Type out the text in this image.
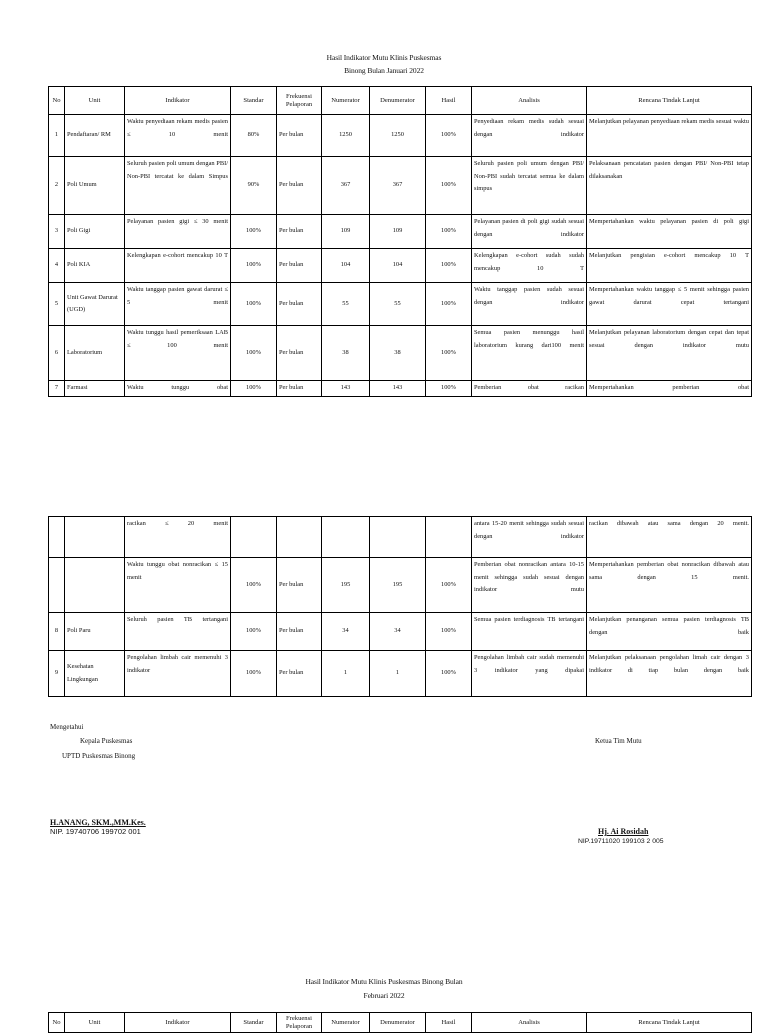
Hasil Indikator Mutu Klinis Puskesmas
Binong Bulan Januari 2022
No	Unit	Indikator	Standar	Frekuensi Pelaporan	Numerator	Denumerator	Hasil	Analisis	Rencana Tindak Lanjut
1	Pendaftaran/ RM	Waktu penyediaan rekam medis pasien ≤ 10 menit	80%	Per bulan	1250	1250	100%	Penyediaan rekam medis sudah sesuai dengan indikator	Melanjutkan pelayanan penyediaan rekam medis sesuai waktu
2	Poli Umum	Seluruh pasien poli umum dengan PBI/ Non-PBI tercatat ke dalam Simpus	90%	Per bulan	367	367	100%	Seluruh pasien poli umum dengan PBI/ Non-PBI sudah tercatat semua ke dalam simpus	Pelaksanaan pencatatan pasien dengan PBI/ Non-PBI tetap dilaksanakan
3	Poli Gigi	Pelayanan pasien gigi ≤ 30 menit	100%	Per bulan	109	109	100%	Pelayanan pasien di poli gigi sudah sesuai dengan indikator	Mempertahankan waktu pelayanan pasien di poli gigi
4	Poli KIA	Kelengkapan e-cohort mencakup 10 T	100%	Per bulan	104	104	100%	Kelengkapan e-cohort sudah sudah mencakup 10 T	Melanjutkan pengisian e-cohort mencakup 10 T
5	Unit Gawat Darurat (UGD)	Waktu tanggap pasien gawat darurat ≤ 5 menit	100%	Per bulan	55	55	100%	Waktu tanggap pasien sudah sesuai dengan indikator	Mempertahankan waktu tanggap ≤ 5 menit sehingga pasien gawat darurat cepat tertangani
6	Laboratorium	Waktu tunggu hasil pemeriksaan LAB ≤ 100 menit	100%	Per bulan	38	38	100%	Semua pasien menunggu hasil laboratorium kurang dari100 menit	Melanjutkan pelayanan laboratorium dengan cepat dan tepat sesuai dengan indikator mutu
7	Farmasi	Waktu tunggu obat	100%	Per bulan	143	143	100%	Pemberian obat racikan	Mempertahankan pemberian obat
		racikan ≤ 20 menit						antara 15-20 menit sehingga sudah sesuai dengan indikator	racikan dibawah atau sama dengan 20 menit.
		Waktu tunggu obat nonracikan ≤ 15 menit	100%	Per bulan	195	195	100%	Pemberian obat nonracikan antara 10-15 menit sehingga sudah sesuai dengan indikator mutu	Mempertahankan pemberian obat nonracikan dibawah atau sama dengan 15 menit.
8	Poli Paru	Seluruh pasien TB tertangani	100%	Per bulan	34	34	100%	Semua pasien terdiagnosis TB tertangani	Melanjutkan penanganan semua pasien terdiagnosis TB dengan baik
9	Kesehatan Lingkungan	Pengolahan limbah cair memenuhi 3 indikator	100%	Per bulan	1	1	100%	Pengolahan limbah cair sudah memenuhi 3 indikator yang dipakai	Melanjutkan pelaksanaan pengolahan limah cair dengan 3 indikator di tiap bulan dengan baik
Mengetahui
Kepala Puskesmas
UPTD Puskesmas Binong
Ketua Tim Mutu
H.ANANG, SKM.,MM.Kes.
NIP. 19740706 199702 001	Hj. Ai Rosidah
NIP.19711020 199103 2 005
Hasil Indikator Mutu Klinis Puskesmas Binong Bulan
Februari 2022
No	Unit	Indikator	Standar	Frekuensi Pelaporan	Numerator	Denumerator	Hasil	Analisis	Rencana Tindak Lanjut
